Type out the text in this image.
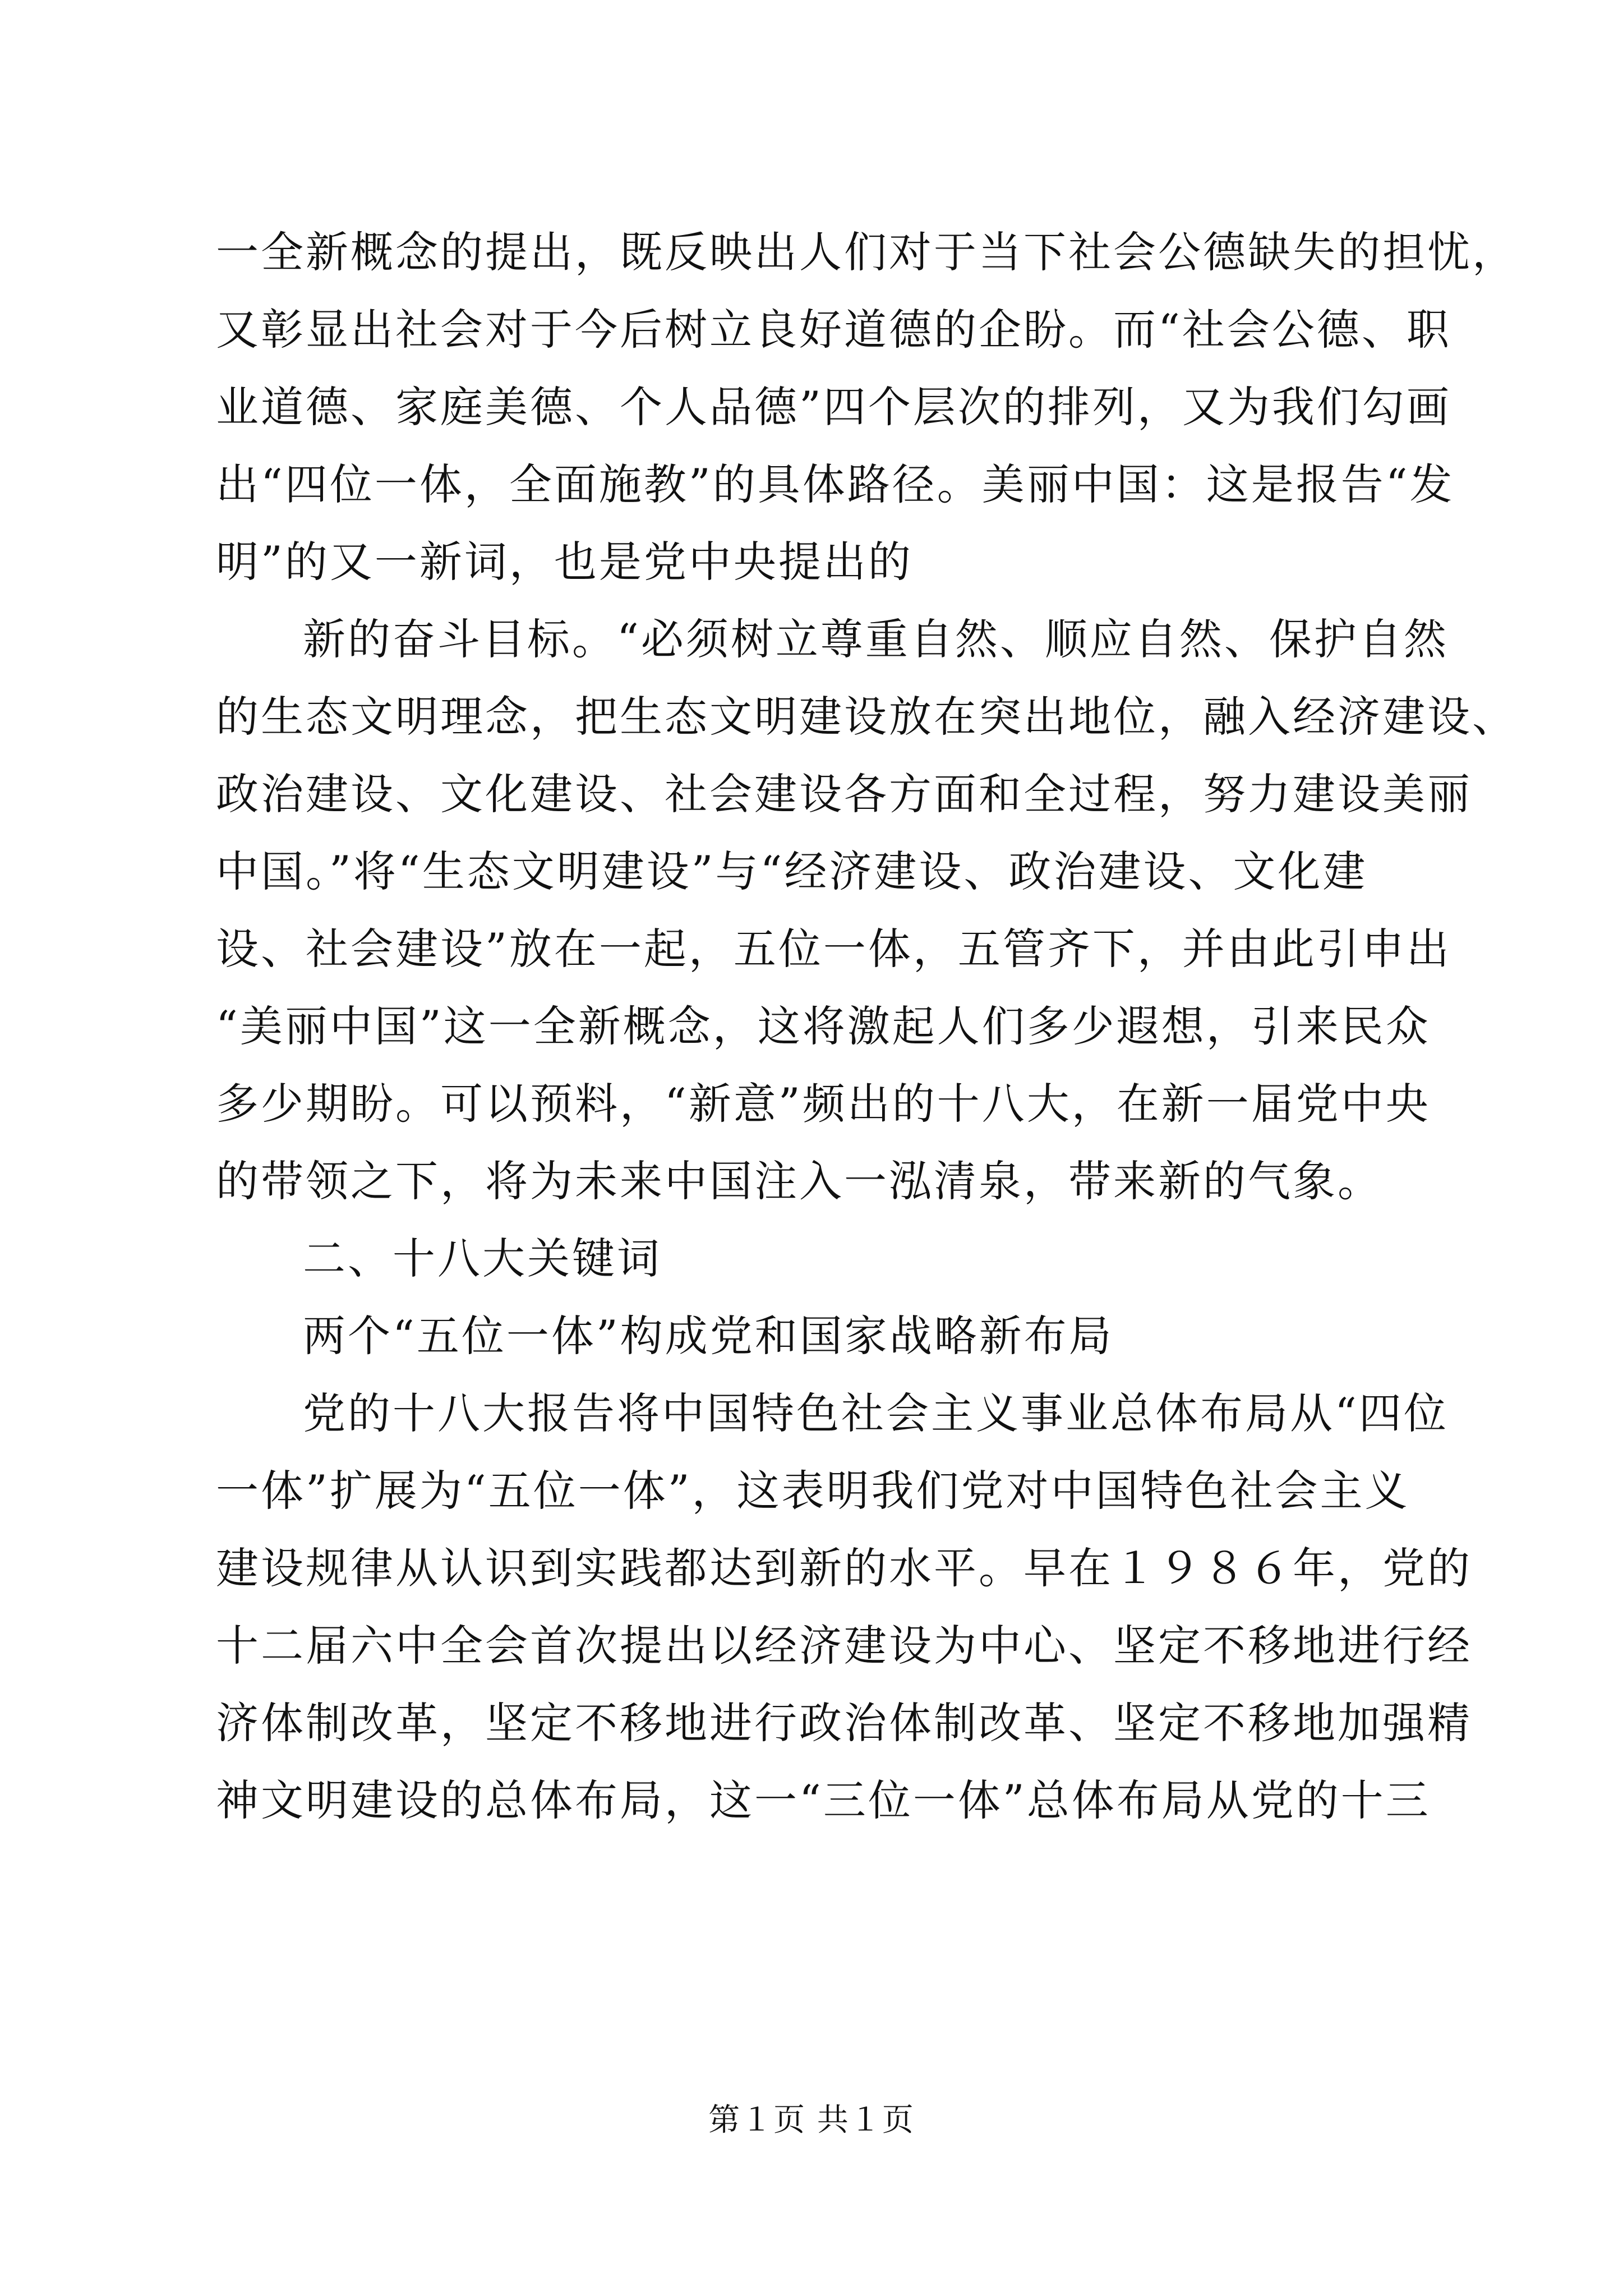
一全新概念的提出，既反映出人们对于当下社会公德缺失的担忧，
又彰显出社会对于今后树立良好道德的企盼。而“社会公德、职
业道德、家庭美德、个人品德”四个层次的排列，又为我们勾画
出“四位一体，全面施教”的具体路径。美丽中国：这是报告“发
明”的又一新词，也是党中央提出的
新的奋斗目标。“必须树立尊重自然、顺应自然、保护自然
的生态文明理念，把生态文明建设放在突出地位，融入经济建设、
政治建设、文化建设、社会建设各方面和全过程，努力建设美丽
中国。”将“生态文明建设”与“经济建设、政治建设、文化建
设、社会建设”放在一起，五位一体，五管齐下，并由此引申出
“美丽中国”这一全新概念，这将激起人们多少遐想，引来民众
多少期盼。可以预料，“新意”频出的十八大，在新一届党中央
的带领之下，将为未来中国注入一泓清泉，带来新的气象。
二、十八大关键词
两个“五位一体”构成党和国家战略新布局
党的十八大报告将中国特色社会主义事业总体布局从“四位
一体”扩展为“五位一体”，这表明我们党对中国特色社会主义
建设规律从认识到实践都达到新的水平。早在１９８６年，党的
十二届六中全会首次提出以经济建设为中心、坚定不移地进行经
济体制改革，坚定不移地进行政治体制改革、坚定不移地加强精
神文明建设的总体布局，这一“三位一体”总体布局从党的十三
第１页 共１页
